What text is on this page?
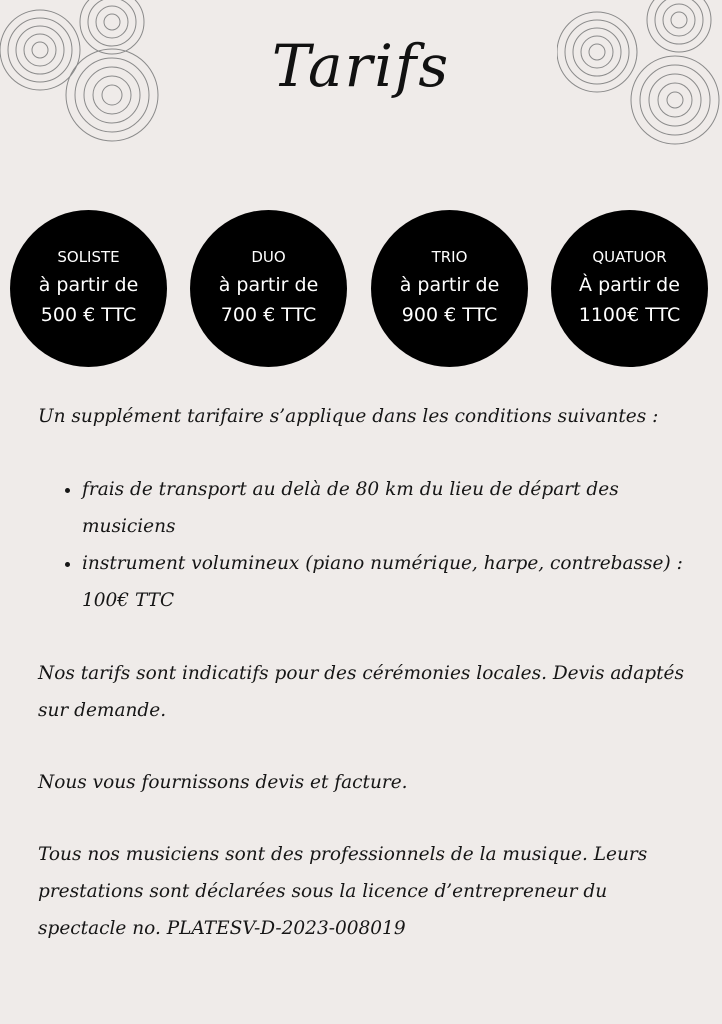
Tarifs
SOLISTE
à partir de
500 € TTC
DUO
à partir de
700 € TTC
TRIO
à partir de
900 € TTC
QUATUOR
À partir de
1100€ TTC

Un supplément tarifaire s’applique dans les conditions suivantes :

• frais de transport au delà de 80 km du lieu de départ des musiciens
• instrument volumineux (piano numérique, harpe, contrebasse) : 100€ TTC

Nos tarifs sont indicatifs pour des cérémonies locales. Devis adaptés sur demande.

Nous vous fournissons devis et facture.

Tous nos musiciens sont des professionnels de la musique. Leurs prestations sont déclarées sous la licence d’entrepreneur du spectacle no. PLATESV-D-2023-008019
